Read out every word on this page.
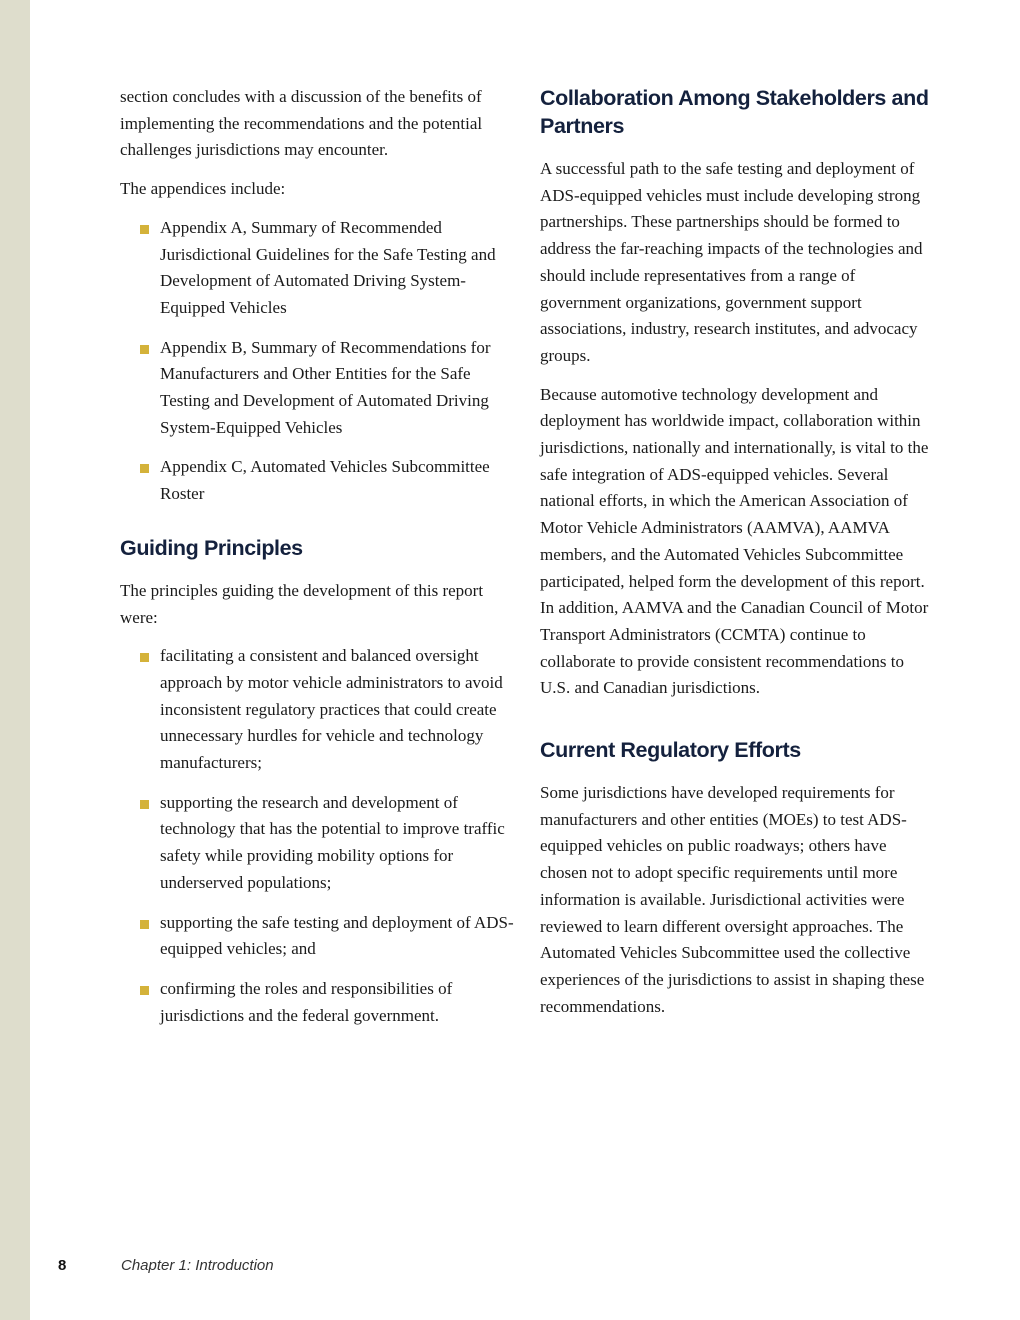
section concludes with a discussion of the benefits of implementing the recommendations and the potential challenges jurisdictions may encounter.

The appendices include:

Appendix A, Summary of Recommended Jurisdictional Guidelines for the Safe Testing and Development of Automated Driving System-Equipped Vehicles
Appendix B, Summary of Recommendations for Manufacturers and Other Entities for the Safe Testing and Development of Automated Driving System-Equipped Vehicles
Appendix C, Automated Vehicles Subcommittee Roster
Guiding Principles

The principles guiding the development of this report were:

facilitating a consistent and balanced oversight approach by motor vehicle administrators to avoid inconsistent regulatory practices that could create unnecessary hurdles for vehicle and technology manufacturers;
supporting the research and development of technology that has the potential to improve traffic safety while providing mobility options for underserved populations;
supporting the safe testing and deployment of ADS-equipped vehicles; and
confirming the roles and responsibilities of jurisdictions and the federal government.
Collaboration Among Stakeholders and Partners

A successful path to the safe testing and deployment of ADS-equipped vehicles must include developing strong partnerships. These partnerships should be formed to address the far-reaching impacts of the technologies and should include representatives from a range of government organizations, government support associations, industry, research institutes, and advocacy groups.

Because automotive technology development and deployment has worldwide impact, collaboration within jurisdictions, nationally and internationally, is vital to the safe integration of ADS-equipped vehicles. Several national efforts, in which the American Association of Motor Vehicle Administrators (AAMVA), AAMVA members, and the Automated Vehicles Subcommittee participated, helped form the development of this report. In addition, AAMVA and the Canadian Council of Motor Transport Administrators (CCMTA) continue to collaborate to provide consistent recommendations to U.S. and Canadian jurisdictions.

Current Regulatory Efforts

Some jurisdictions have developed requirements for manufacturers and other entities (MOEs) to test ADS-equipped vehicles on public roadways; others have chosen not to adopt specific requirements until more information is available. Jurisdictional activities were reviewed to learn different oversight approaches. The Automated Vehicles Subcommittee used the collective experiences of the jurisdictions to assist in shaping these recommendations.

8	Chapter 1: Introduction
